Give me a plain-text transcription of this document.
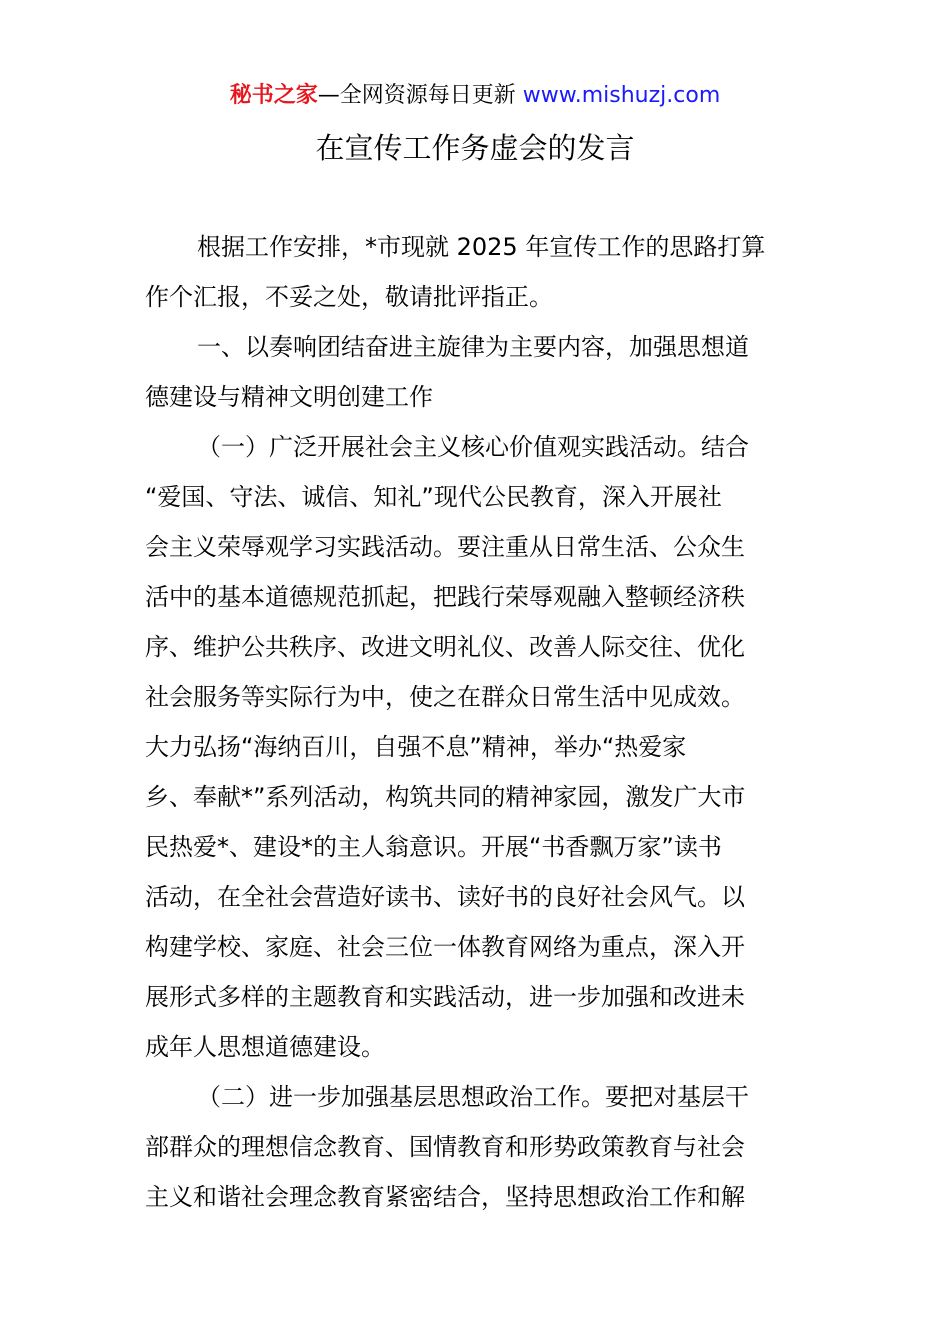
秘书之家—全网资源每日更新 www.mishuzj.com
在宣传工作务虚会的发言
根据工作安排，*市现就 2025 年宣传工作的思路打算
作个汇报，不妥之处，敬请批评指正。
一、以奏响团结奋进主旋律为主要内容，加强思想道
德建设与精神文明创建工作
（一）广泛开展社会主义核心价值观实践活动。结合
“爱国、守法、诚信、知礼”现代公民教育，深入开展社
会主义荣辱观学习实践活动。要注重从日常生活、公众生
活中的基本道德规范抓起，把践行荣辱观融入整顿经济秩
序、维护公共秩序、改进文明礼仪、改善人际交往、优化
社会服务等实际行为中，使之在群众日常生活中见成效。
大力弘扬“海纳百川，自强不息”精神，举办“热爱家
乡、奉献*”系列活动，构筑共同的精神家园，激发广大市
民热爱*、建设*的主人翁意识。开展“书香飘万家”读书
活动，在全社会营造好读书、读好书的良好社会风气。以
构建学校、家庭、社会三位一体教育网络为重点，深入开
展形式多样的主题教育和实践活动，进一步加强和改进未
成年人思想道德建设。
（二）进一步加强基层思想政治工作。要把对基层干
部群众的理想信念教育、国情教育和形势政策教育与社会
主义和谐社会理念教育紧密结合，坚持思想政治工作和解
